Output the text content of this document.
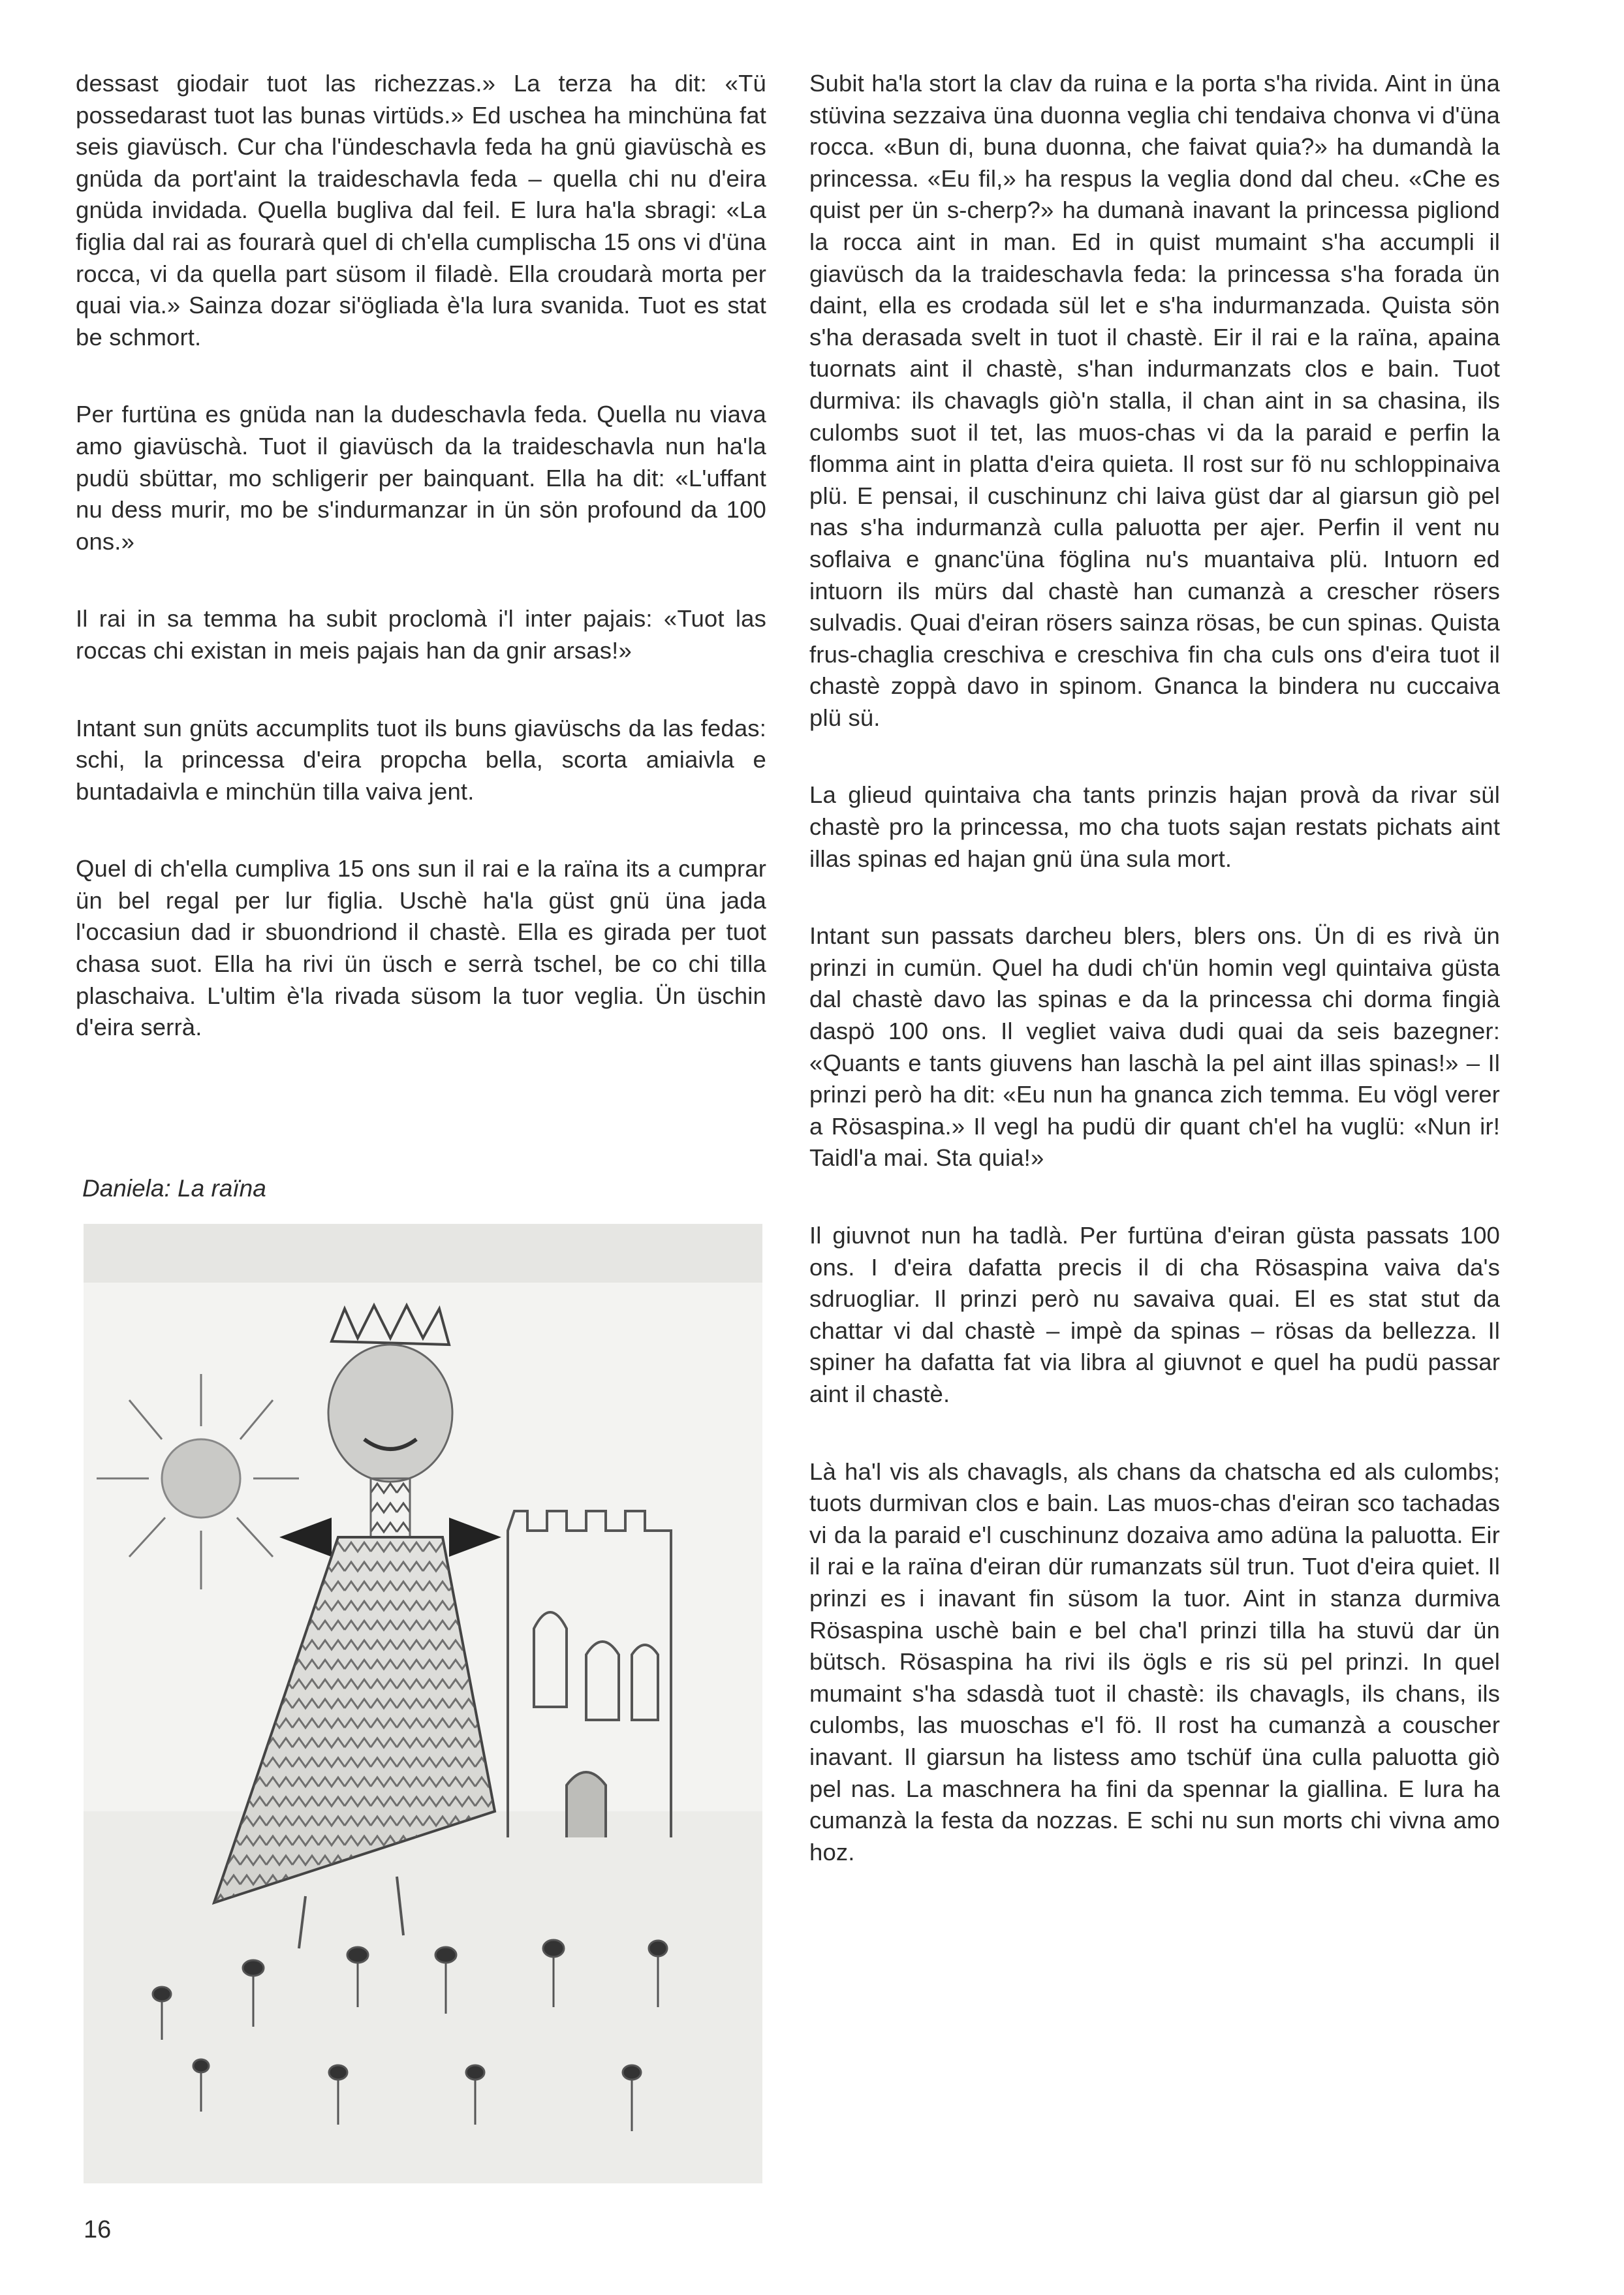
dessast giodair tuot las richezzas.» La terza ha dit: «Tü possedarast tuot las bunas virtüds.» Ed uschea ha minchüna fat seis giavüsch. Cur cha l'ündeschavla feda ha gnü giavüschà es gnüda da port'aint la traideschavla feda – quella chi nu d'eira gnüda invidada. Quella bugliva dal feil. E lura ha'la sbragi: «La figlia dal rai as fourarà quel di ch'ella cumplischa 15 ons vi d'üna rocca, vi da quella part süsom il filadè. Ella croudarà morta per quai via.» Sainza dozar si'ögliada è'la lura svanida. Tuot es stat be schmort.

Per furtüna es gnüda nan la dudeschavla feda. Quella nu viava amo giavüschà. Tuot il giavüsch da la traideschavla nun ha'la pudü sbüttar, mo schligerir per bainquant. Ella ha dit: «L'uffant nu dess murir, mo be s'indurmanzar in ün sön profound da 100 ons.»

Il rai in sa temma ha subit proclomà i'l inter pajais: «Tuot las roccas chi existan in meis pajais han da gnir arsas!»

Intant sun gnüts accumplits tuot ils buns giavüschs da las fedas: schi, la princessa d'eira propcha bella, scorta amiaivla e buntadaivla e minchün tilla vaiva jent.

Quel di ch'ella cumpliva 15 ons sun il rai e la raïna its a cumprar ün bel regal per lur figlia. Uschè ha'la güst gnü üna jada l'occasiun dad ir sbuondriond il chastè. Ella es girada per tuot chasa suot. Ella ha rivi ün üsch e serrà tschel, be co chi tilla plaschaiva. L'ultim è'la rivada süsom la tuor veglia. Ün üschin d'eira serrà.

Daniela: La raïna

Subit ha'la stort la clav da ruina e la porta s'ha rivida. Aint in üna stüvina sezzaiva üna duonna veglia chi tendaiva chonva vi d'üna rocca. «Bun di, buna duonna, che faivat quia?» ha dumandà la princessa. «Eu fil,» ha respus la veglia dond dal cheu. «Che es quist per ün s-cherp?» ha dumanà inavant la princessa pigliond la rocca aint in man. Ed in quist mumaint s'ha accumpli il giavüsch da la traideschavla feda: la princessa s'ha forada ün daint, ella es crodada sül let e s'ha indurmanzada. Quista sön s'ha derasada svelt in tuot il chastè. Eir il rai e la raïna, apaina tuornats aint il chastè, s'han indurmanzats clos e bain. Tuot durmiva: ils chavagls giò'n stalla, il chan aint in sa chasina, ils culombs suot il tet, las muos-chas vi da la paraid e perfin la flomma aint in platta d'eira quieta. Il rost sur fö nu schloppinaiva plü. E pensai, il cuschinunz chi laiva güst dar al giarsun giò pel nas s'ha indurmanzà culla paluotta per ajer. Perfin il vent nu soflaiva e gnanc'üna föglina nu's muantaiva plü. Intuorn ed intuorn ils mürs dal chastè han cumanzà a crescher rösers sulvadis. Quai d'eiran rösers sainza rösas, be cun spinas. Quista frus-chaglia creschiva e creschiva fin cha culs ons d'eira tuot il chastè zoppà davo in spinom. Gnanca la bindera nu cuccaiva plü sü.

La glieud quintaiva cha tants prinzis hajan provà da rivar sül chastè pro la princessa, mo cha tuots sajan restats pichats aint illas spinas ed hajan gnü üna sula mort.

Intant sun passats darcheu blers, blers ons. Ün di es rivà ün prinzi in cumün. Quel ha dudi ch'ün homin vegl quintaiva güsta dal chastè davo las spinas e da la princessa chi dorma fingià daspö 100 ons. Il vegliet vaiva dudi quai da seis bazegner: «Quants e tants giuvens han laschà la pel aint illas spinas!» – Il prinzi però ha dit: «Eu nun ha gnanca zich temma. Eu vögl verer a Rösaspina.» Il vegl ha pudü dir quant ch'el ha vuglü: «Nun ir! Taidl'a mai. Sta quia!»

Il giuvnot nun ha tadlà. Per furtüna d'eiran güsta passats 100 ons. I d'eira dafatta precis il di cha Rösaspina vaiva da's sdruogliar. Il prinzi però nu savaiva quai. El es stat stut da chattar vi dal chastè – impè da spinas – rösas da bellezza. Il spiner ha dafatta fat via libra al giuvnot e quel ha pudü passar aint il chastè.

Là ha'l vis als chavagls, als chans da chatscha ed als culombs; tuots durmivan clos e bain. Las muos-chas d'eiran sco tachadas vi da la paraid e'l cuschinunz dozaiva amo adüna la paluotta. Eir il rai e la raïna d'eiran dür rumanzats sül trun. Tuot d'eira quiet. Il prinzi es i inavant fin süsom la tuor. Aint in stanza durmiva Rösaspina uschè bain e bel cha'l prinzi tilla ha stuvü dar ün bütsch. Rösaspina ha rivi ils ögls e ris sü pel prinzi. In quel mumaint s'ha sdasdà tuot il chastè: ils chavagls, ils chans, ils culombs, las muoschas e'l fö. Il rost ha cumanzà a couscher inavant. Il giarsun ha listess amo tschüf üna culla paluotta giò pel nas. La maschnera ha fini da spennar la giallina. E lura ha cumanzà la festa da nozzas. E schi nu sun morts chi vivna amo hoz.

16
